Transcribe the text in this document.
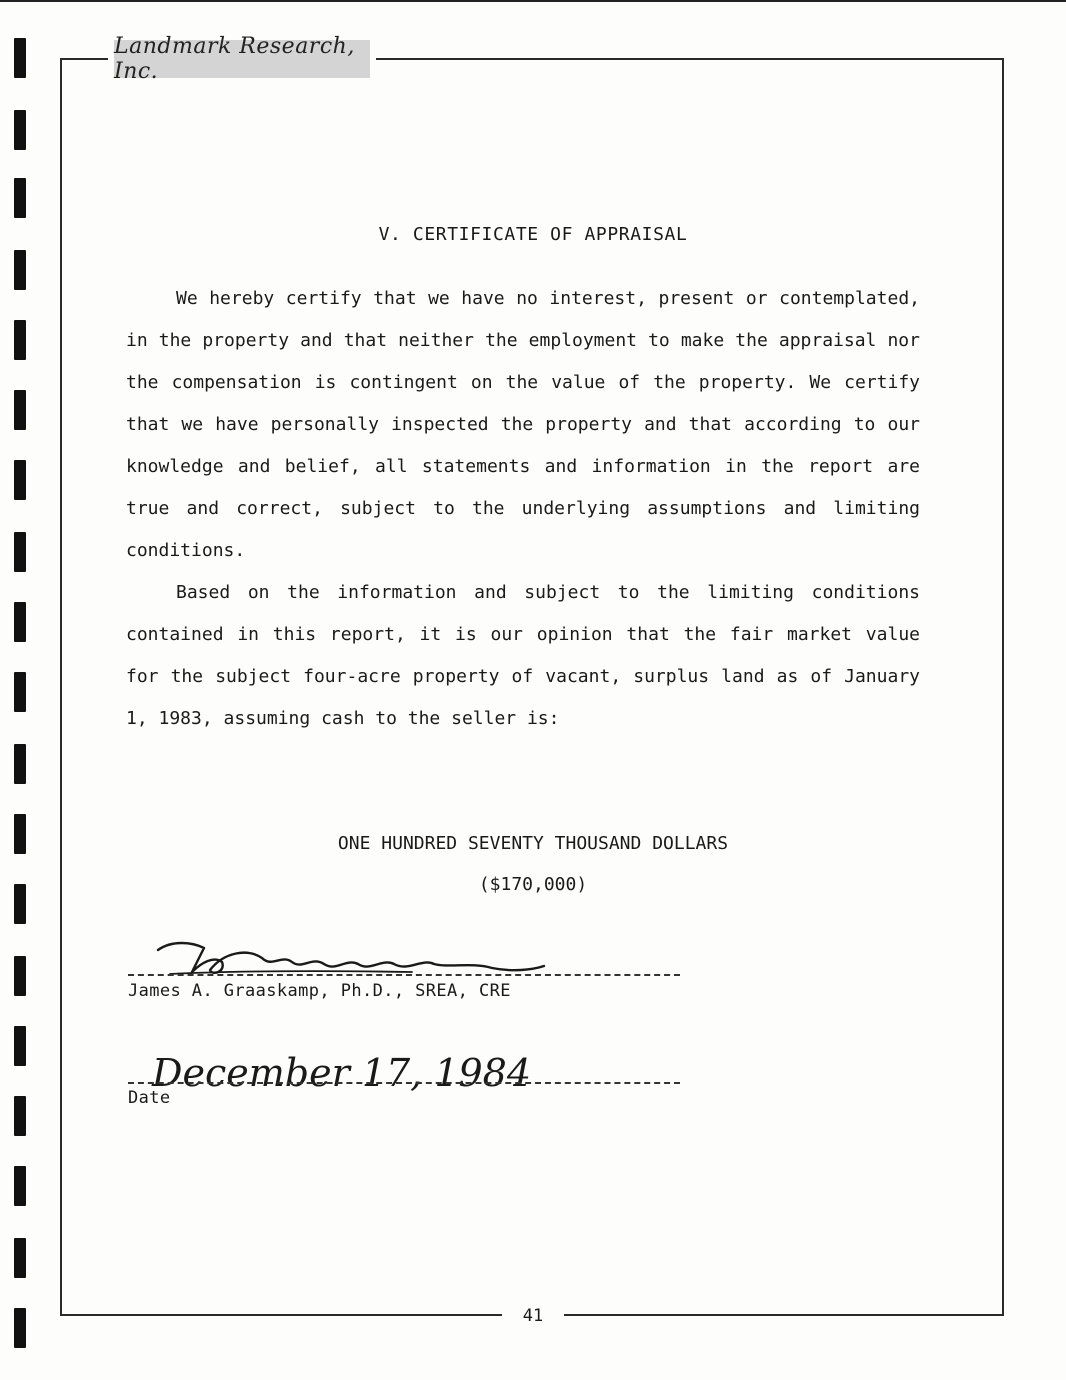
Landmark Research, Inc.
V. CERTIFICATE OF APPRAISAL

We hereby certify that we have no interest, present or contemplated, in the property and that neither the employment to make the appraisal nor the compensation is contingent on the value of the property. We certify that we have personally inspected the property and that according to our knowledge and belief, all statements and information in the report are true and correct, subject to the underlying assumptions and limiting conditions.

Based on the information and subject to the limiting conditions contained in this report, it is our opinion that the fair market value for the subject four-acre property of vacant, surplus land as of January 1, 1983, assuming cash to the seller is:

ONE HUNDRED SEVENTY THOUSAND DOLLARS
($170,000)
James A. Graaskamp, Ph.D., SREA, CRE
December 17, 1984
Date
41
